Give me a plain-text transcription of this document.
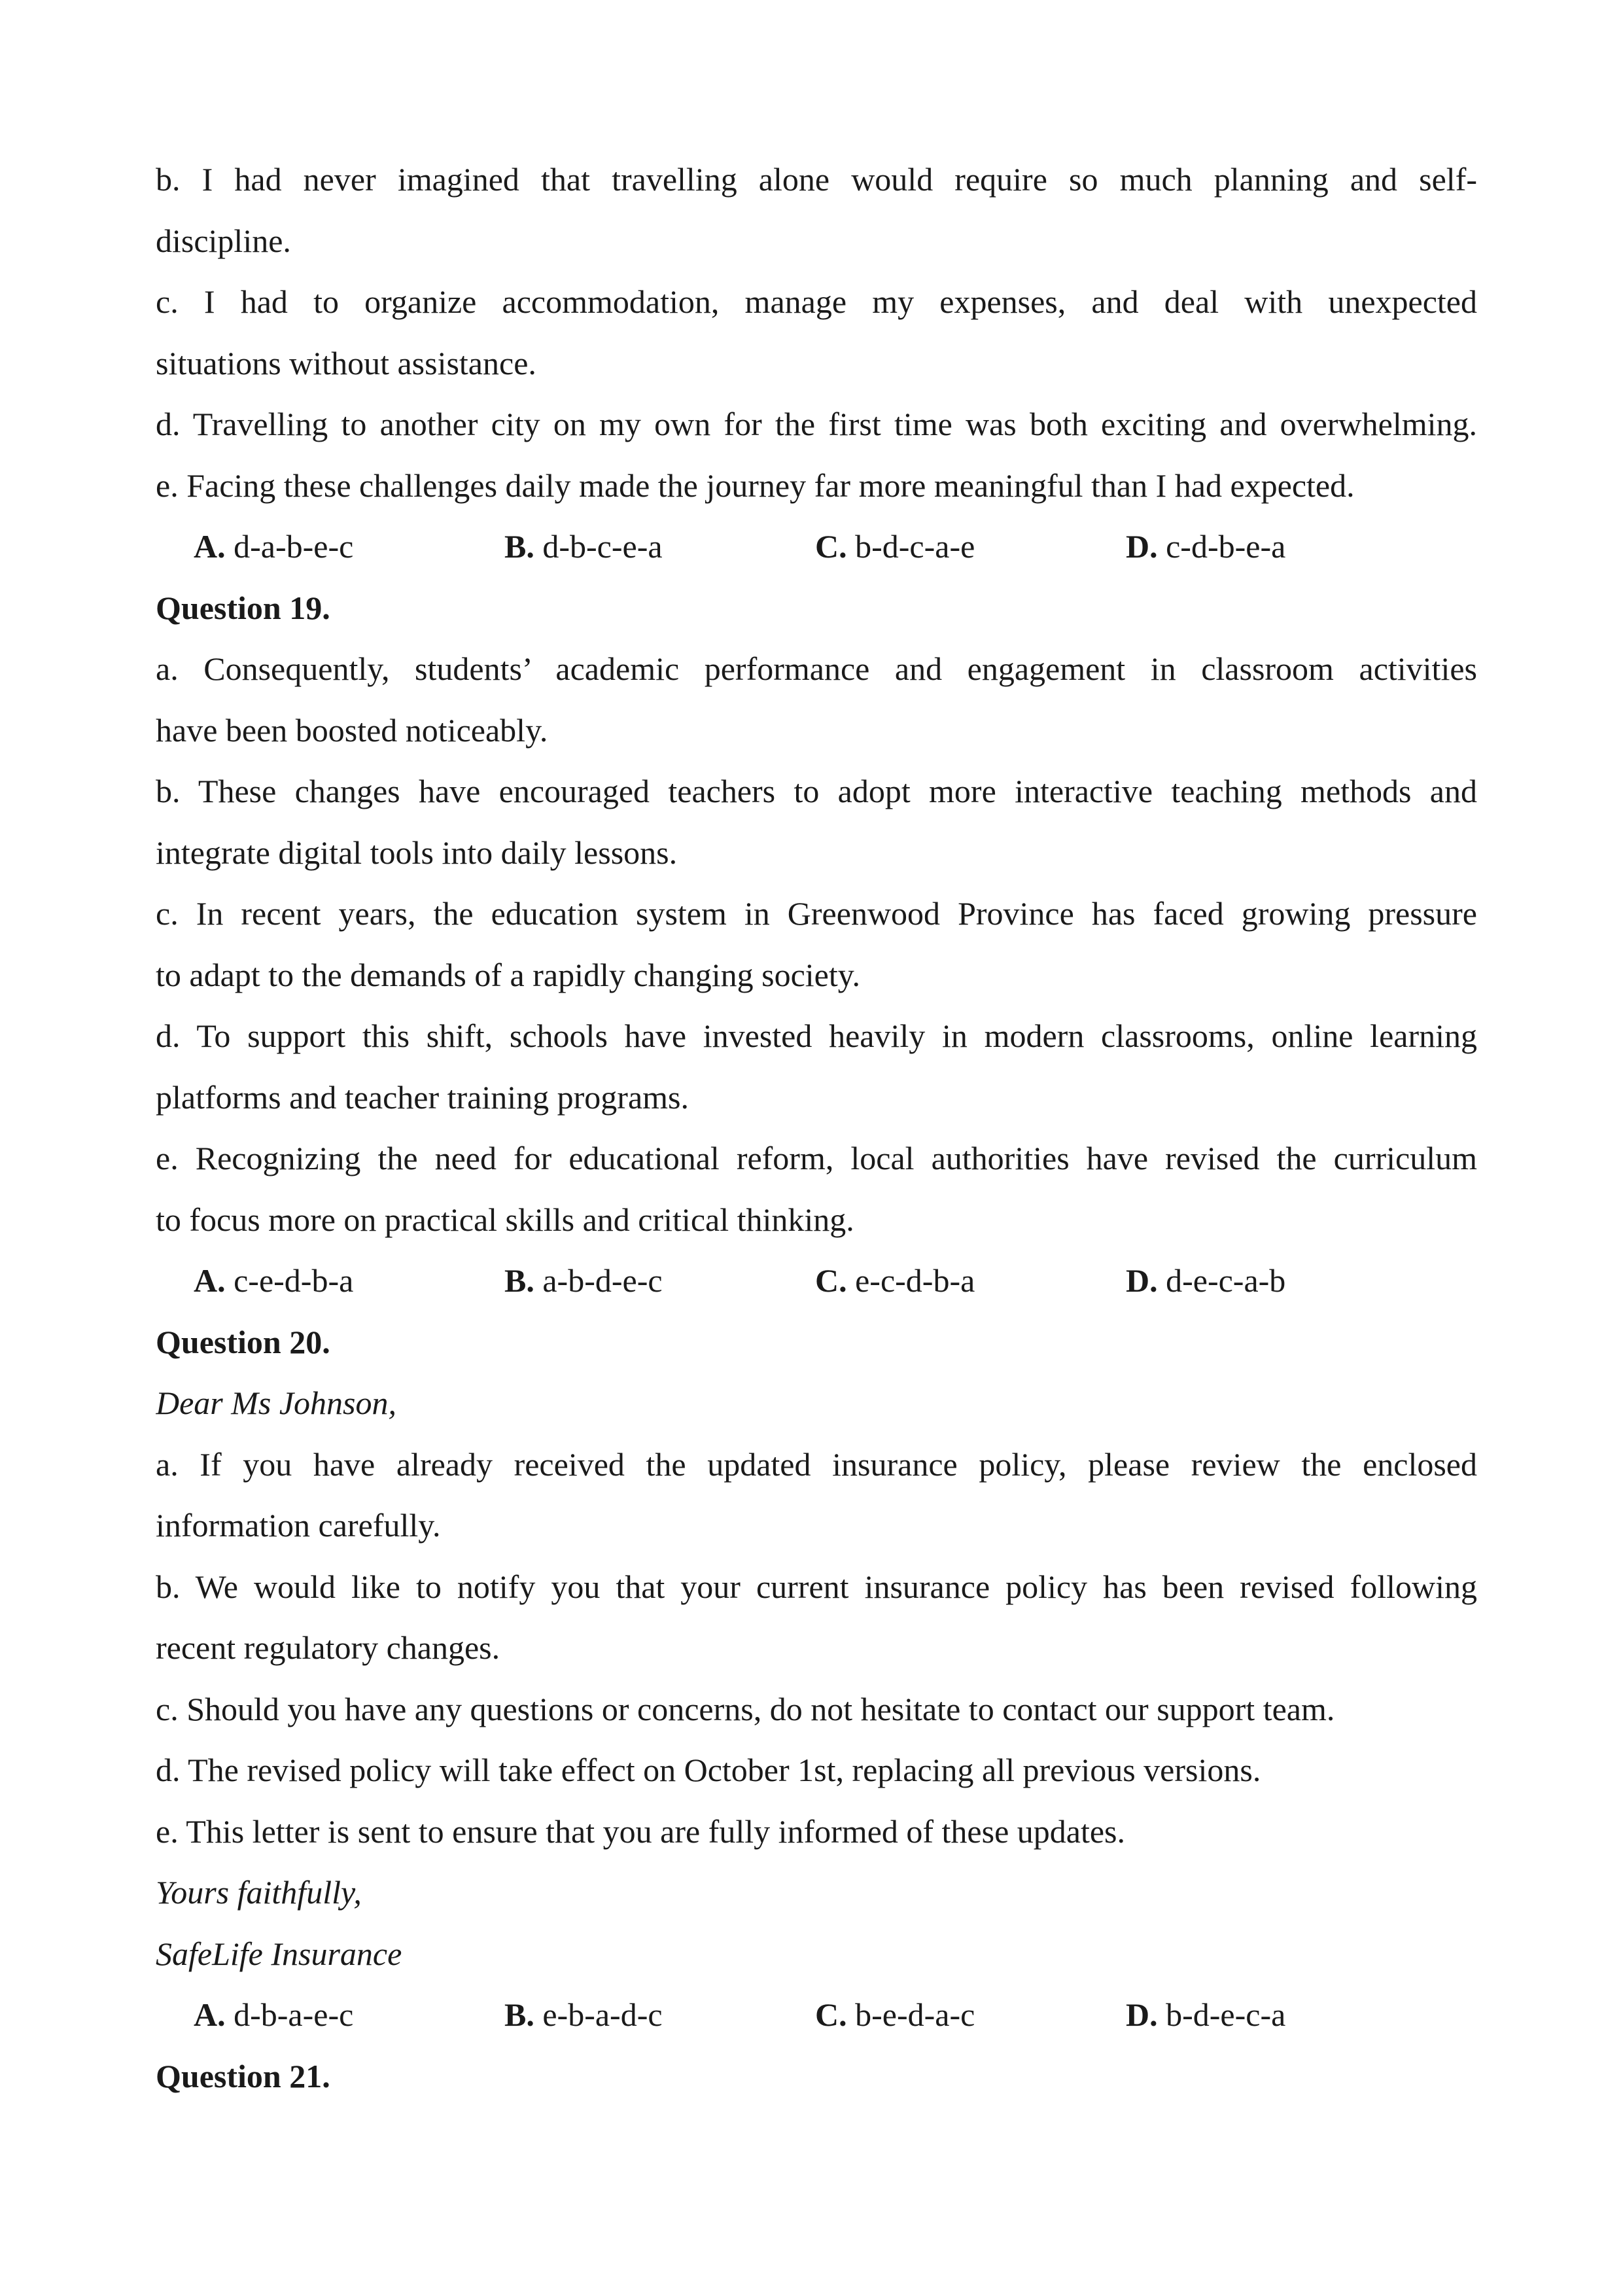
b. I had never imagined that travelling alone would require so much planning and self-
discipline.
c. I had to organize accommodation, manage my expenses, and deal with unexpected
situations without assistance.
d. Travelling to another city on my own for the first time was both exciting and overwhelming.
e. Facing these challenges daily made the journey far more meaningful than I had expected.
A. d-a-b-e-c	B. d-b-c-e-a	C. b-d-c-a-e	D. c-d-b-e-a
Question 19.
a. Consequently, students’ academic performance and engagement in classroom activities
have been boosted noticeably.
b. These changes have encouraged teachers to adopt more interactive teaching methods and
integrate digital tools into daily lessons.
c. In recent years, the education system in Greenwood Province has faced growing pressure
to adapt to the demands of a rapidly changing society.
d. To support this shift, schools have invested heavily in modern classrooms, online learning
platforms and teacher training programs.
e. Recognizing the need for educational reform, local authorities have revised the curriculum
to focus more on practical skills and critical thinking.
A. c-e-d-b-a	B. a-b-d-e-c	C. e-c-d-b-a	D. d-e-c-a-b
Question 20.
Dear Ms Johnson,
a. If you have already received the updated insurance policy, please review the enclosed
information carefully.
b. We would like to notify you that your current insurance policy has been revised following
recent regulatory changes.
c. Should you have any questions or concerns, do not hesitate to contact our support team.
d. The revised policy will take effect on October 1st, replacing all previous versions.
e. This letter is sent to ensure that you are fully informed of these updates.
Yours faithfully,
SafeLife Insurance
A. d-b-a-e-c	B. e-b-a-d-c	C. b-e-d-a-c	D. b-d-e-c-a
Question 21.
